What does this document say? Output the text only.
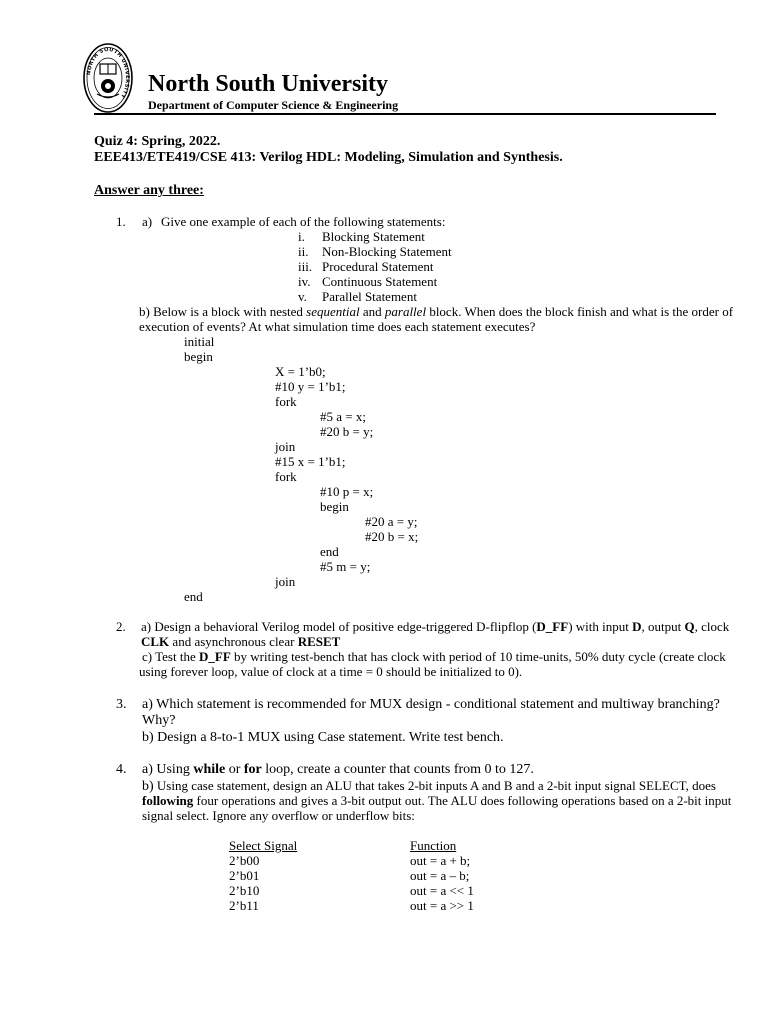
NORTH SOUTH UNIVERSITY North South University
Department of Computer Science & Engineering
Quiz 4: Spring, 2022.
EEE413/ETE419/CSE 413: Verilog HDL: Modeling, Simulation and Synthesis.
Answer any three:
1. a) Give one example of each of the following statements:
i. Blocking Statement
ii. Non-Blocking Statement
iii. Procedural Statement
iv. Continuous Statement
v. Parallel Statement
b) Below is a block with nested sequential and parallel block. When does the block finish and what is the order of
execution of events? At what simulation time does each statement executes?
initial
begin
X = 1’b0;
#10 y = 1’b1;
fork
#5 a = x;
#20 b = y;
join
#15 x = 1’b1;
fork
#10 p = x;
begin
#20 a = y;
#20 b = x;
end
#5 m = y;
join
end
2. a) Design a behavioral Verilog model of positive edge-triggered D-flipflop (D_FF) with input D, output Q, clock
CLK and asynchronous clear RESET
c) Test the D_FF by writing test-bench that has clock with period of 10 time-units, 50% duty cycle (create clock
using forever loop, value of clock at a time = 0 should be initialized to 0).
3. a) Which statement is recommended for MUX design - conditional statement and multiway branching?
Why?
b) Design a 8-to-1 MUX using Case statement. Write test bench.
4. a) Using while or for loop, create a counter that counts from 0 to 127.
b) Using case statement, design an ALU that takes 2-bit inputs A and B and a 2-bit input signal SELECT, does
following four operations and gives a 3-bit output out. The ALU does following operations based on a 2-bit input
signal select. Ignore any overflow or underflow bits:
Select Signal	Function
2’b00	out = a + b;
2’b01	out = a – b;
2’b10	out = a << 1
2’b11	out = a >> 1
